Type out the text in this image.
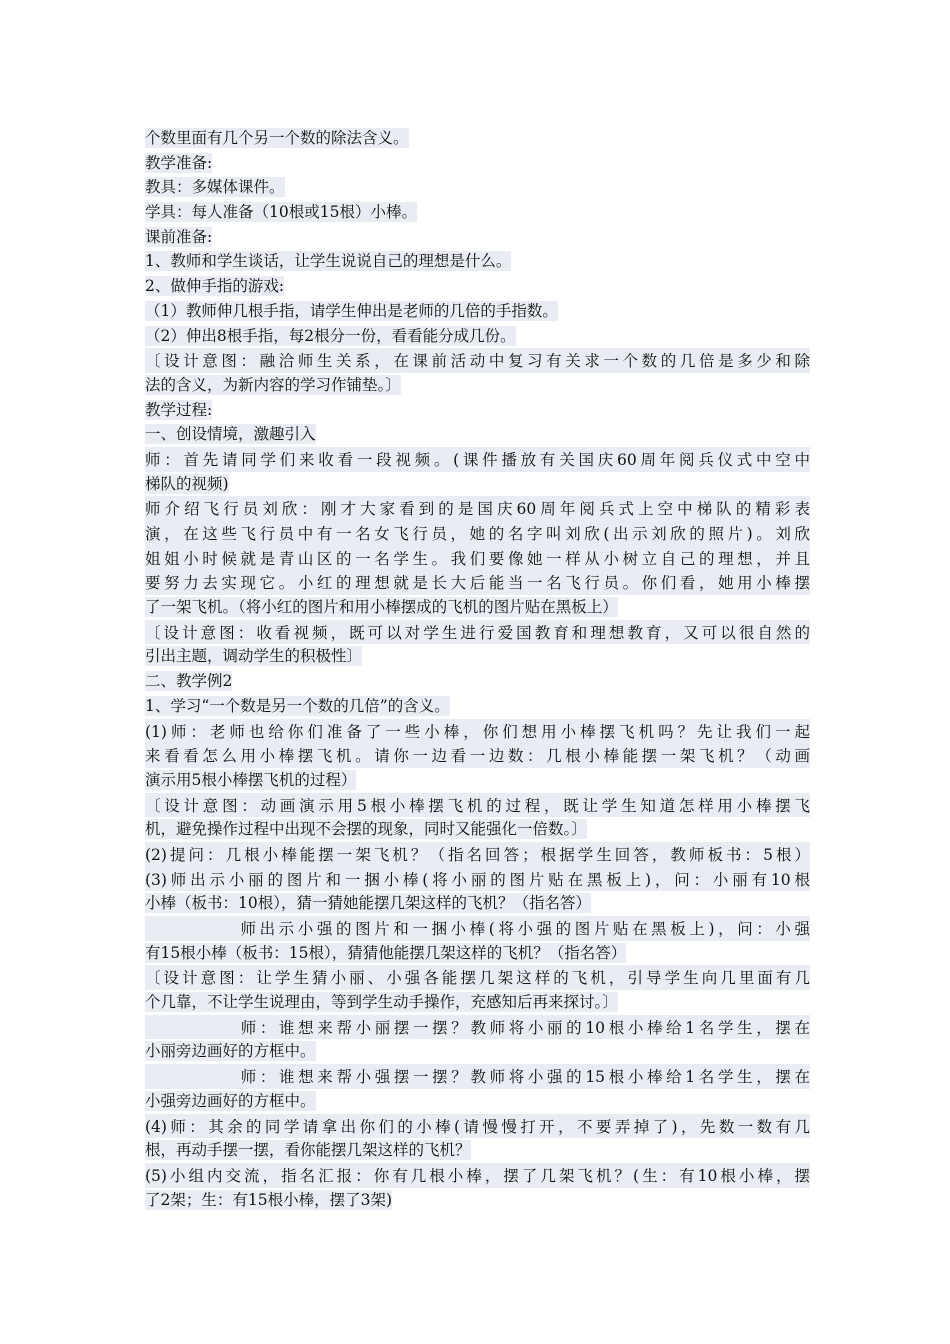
个数里面有几个另一个数的除法含义。
教学准备:
教具：多媒体课件。
学具：每人准备（10根或15根）小棒。
课前准备:
1、教师和学生谈话，让学生说说自己的理想是什么。
2、做伸手指的游戏:
（1）教师伸几根手指，请学生伸出是老师的几倍的手指数。
（2）伸出8根手指，每2根分一份，看看能分成几份。
〔设计意图：融洽师生关系，在课前活动中复习有关求一个数的几倍是多少和除
法的含义，为新内容的学习作铺垫。〕
教学过程:
一、创设情境，激趣引入
师：首先请同学们来收看一段视频。(课件播放有关国庆60周年阅兵仪式中空中
梯队的视频)
师介绍飞行员刘欣：刚才大家看到的是国庆60周年阅兵式上空中梯队的精彩表
演，在这些飞行员中有一名女飞行员，她的名字叫刘欣(出示刘欣的照片)。刘欣
姐姐小时候就是青山区的一名学生。我们要像她一样从小树立自己的理想，并且
要努力去实现它。小红的理想就是长大后能当一名飞行员。你们看，她用小棒摆
了一架飞机。（将小红的图片和用小棒摆成的飞机的图片贴在黑板上）
〔设计意图：收看视频，既可以对学生进行爱国教育和理想教育，又可以很自然的
引出主题，调动学生的积极性〕
二、教学例2
1、学习“一个数是另一个数的几倍”的含义。
(1)师：老师也给你们准备了一些小棒，你们想用小棒摆飞机吗？先让我们一起
来看看怎么用小棒摆飞机。请你一边看一边数：几根小棒能摆一架飞机？（动画
演示用5根小棒摆飞机的过程）
〔设计意图：动画演示用5根小棒摆飞机的过程，既让学生知道怎样用小棒摆飞
机，避免操作过程中出现不会摆的现象，同时又能强化一倍数。〕
(2)提问：几根小棒能摆一架飞机？（指名回答；根据学生回答，教师板书：5根）
(3)师出示小丽的图片和一捆小棒(将小丽的图片贴在黑板上)，问：小丽有10根
小棒（板书：10根），猜一猜她能摆几架这样的飞机？（指名答）
　　　　　师出示小强的图片和一捆小棒(将小强的图片贴在黑板上)，问：小强
有15根小棒（板书：15根），猜猜他能摆几架这样的飞机？（指名答）
〔设计意图：让学生猜小丽、小强各能摆几架这样的飞机，引导学生向几里面有几
个几靠，不让学生说理由，等到学生动手操作，充感知后再来探讨。〕
　　　　　师：谁想来帮小丽摆一摆？教师将小丽的10根小棒给1名学生，摆在
小丽旁边画好的方框中。
　　　　　师：谁想来帮小强摆一摆？教师将小强的15根小棒给1名学生，摆在
小强旁边画好的方框中。
(4)师：其余的同学请拿出你们的小棒(请慢慢打开，不要弄掉了)，先数一数有几
根，再动手摆一摆，看你能摆几架这样的飞机？
(5)小组内交流，指名汇报：你有几根小棒，摆了几架飞机？(生：有10根小棒，摆
了2架；生：有15根小棒，摆了3架)
